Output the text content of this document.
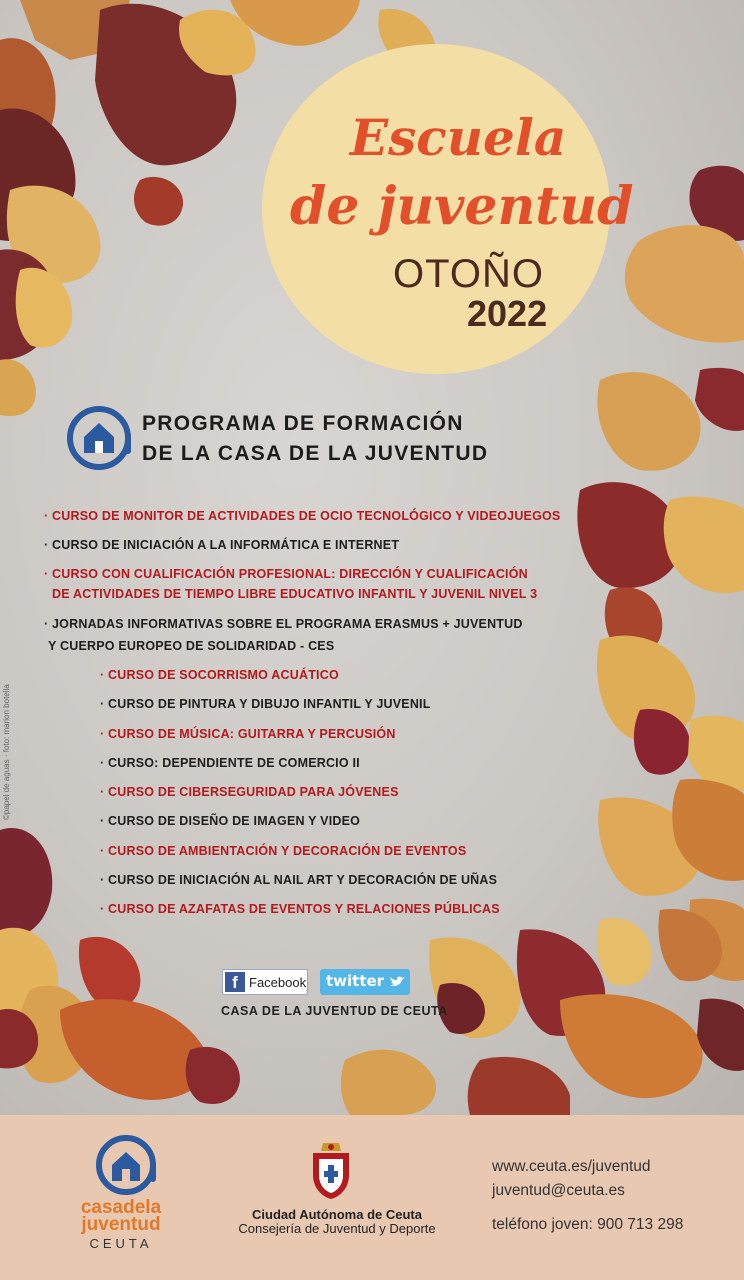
Escuela
de juventud
OTOÑO
2022
PROGRAMA DE FORMACIÓN
DE LA CASA DE LA JUVENTUD
· CURSO DE MONITOR DE ACTIVIDADES DE OCIO TECNOLÓGICO Y VIDEOJUEGOS
· CURSO DE INICIACIÓN A LA INFORMÁTICA E INTERNET
· CURSO CON CUALIFICACIÓN PROFESIONAL: DIRECCIÓN Y CUALIFICACIÓN
DE ACTIVIDADES DE TIEMPO LIBRE EDUCATIVO INFANTIL Y JUVENIL NIVEL 3
· JORNADAS INFORMATIVAS SOBRE EL PROGRAMA ERASMUS + JUVENTUD
Y CUERPO EUROPEO DE SOLIDARIDAD - CES
· CURSO DE SOCORRISMO ACUÁTICO
· CURSO DE PINTURA Y DIBUJO INFANTIL Y JUVENIL
· CURSO DE MÚSICA: GUITARRA Y PERCUSIÓN
· CURSO: DEPENDIENTE DE COMERCIO II
· CURSO DE CIBERSEGURIDAD PARA JÓVENES
· CURSO DE DISEÑO DE IMAGEN Y VIDEO
· CURSO DE AMBIENTACIÓN Y DECORACIÓN DE EVENTOS
· CURSO DE INICIACIÓN AL NAIL ART Y DECORACIÓN DE UÑAS
· CURSO DE AZAFATAS DE EVENTOS Y RELACIONES PÚBLICAS
©papel de aguas · foto: marion botella
f Facebook twitter
CASA DE LA JUVENTUD DE CEUTA
casadela
juventud
CEUTA
Ciudad Autónoma de Ceuta
Consejería de Juventud y Deporte
www.ceuta.es/juventud
juventud@ceuta.es
teléfono joven: 900 713 298
